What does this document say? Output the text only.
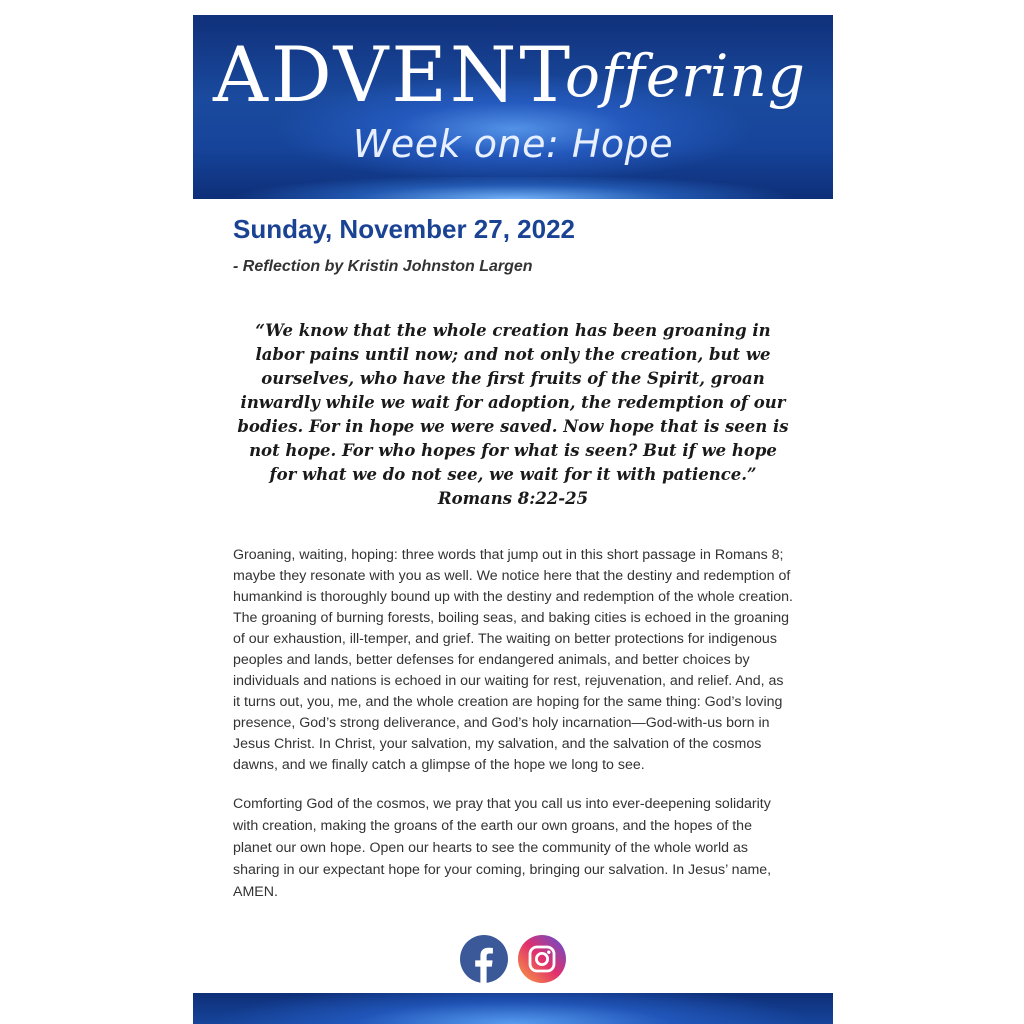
ADVENT
offering
Week one: Hope
Sunday, November 27, 2022

- Reflection by Kristin Johnston Largen

“We know that the whole creation has been groaning in labor pains until now; and not only the creation, but we ourselves, who have the first fruits of the Spirit, groan inwardly while we wait for adoption, the redemption of our bodies. For in hope we were saved. Now hope that is seen is not hope. For who hopes for what is seen? But if we hope for what we do not see, we wait for it with patience.” Romans 8:22-25

Groaning, waiting, hoping: three words that jump out in this short passage in Romans 8; maybe they resonate with you as well. We notice here that the destiny and redemption of humankind is thoroughly bound up with the destiny and redemption of the whole creation. The groaning of burning forests, boiling seas, and baking cities is echoed in the groaning of our exhaustion, ill-temper, and grief. The waiting on better protections for indigenous peoples and lands, better defenses for endangered animals, and better choices by individuals and nations is echoed in our waiting for rest, rejuvenation, and relief. And, as it turns out, you, me, and the whole creation are hoping for the same thing: God’s loving presence, God’s strong deliverance, and God’s holy incarnation—God-with-us born in Jesus Christ. In Christ, your salvation, my salvation, and the salvation of the cosmos dawns, and we finally catch a glimpse of the hope we long to see.

Comforting God of the cosmos, we pray that you call us into ever-deepening solidarity with creation, making the groans of the earth our own groans, and the hopes of the planet our own hope. Open our hearts to see the community of the whole world as sharing in our expectant hope for your coming, bringing our salvation. In Jesus’ name, AMEN.
